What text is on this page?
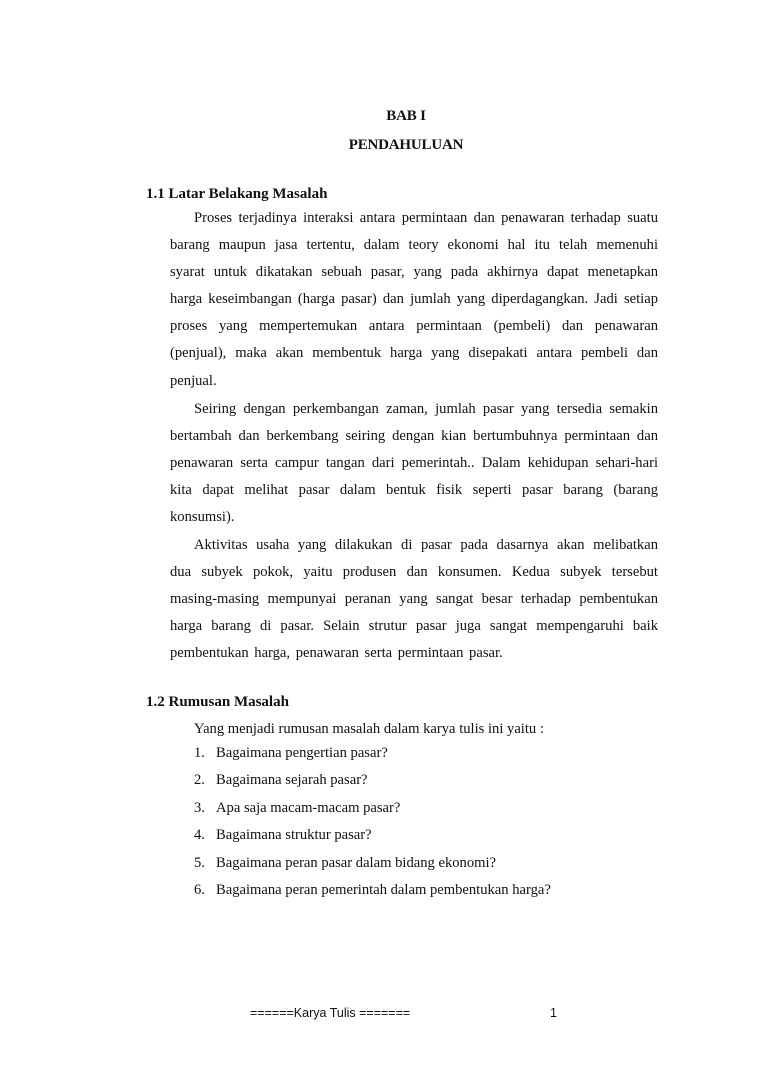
BAB I
PENDAHULUAN
1.1 Latar Belakang Masalah

Proses terjadinya interaksi antara permintaan dan penawaran terhadap suatu barang maupun jasa tertentu, dalam teory ekonomi hal itu telah memenuhi syarat untuk dikatakan sebuah pasar, yang pada akhirnya dapat menetapkan harga keseimbangan (harga pasar) dan jumlah yang diperdagangkan. Jadi setiap proses yang mempertemukan antara permintaan (pembeli) dan penawaran (penjual), maka akan membentuk harga yang disepakati antara pembeli dan penjual.

Seiring dengan perkembangan zaman, jumlah pasar yang tersedia semakin bertambah dan berkembang seiring dengan kian bertumbuhnya permintaan dan penawaran serta campur tangan dari pemerintah.. Dalam kehidupan sehari-hari kita dapat melihat pasar dalam bentuk fisik seperti pasar barang (barang konsumsi).

Aktivitas usaha yang dilakukan di pasar pada dasarnya akan melibatkan dua subyek pokok, yaitu produsen dan konsumen. Kedua subyek tersebut masing-masing mempunyai peranan yang sangat besar terhadap pembentukan harga barang di pasar. Selain strutur pasar juga sangat mempengaruhi baik pembentukan harga, penawaran serta permintaan pasar.

1.2 Rumusan Masalah

Yang menjadi rumusan masalah dalam karya tulis ini yaitu :

1. Bagaimana pengertian pasar?
2. Bagaimana sejarah pasar?
3. Apa saja macam-macam pasar?
4. Bagaimana struktur pasar?
5. Bagaimana peran pasar dalam bidang ekonomi?
6. Bagaimana peran pemerintah dalam pembentukan harga?
======Karya Tulis =======	1
